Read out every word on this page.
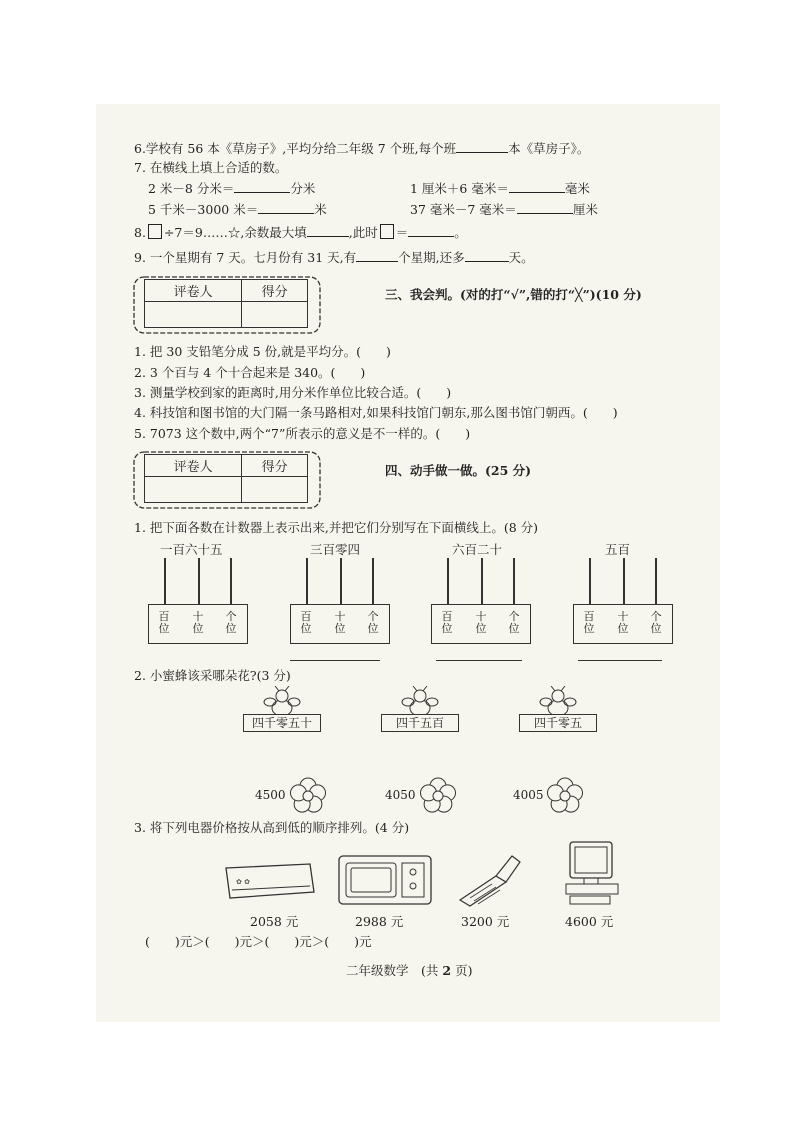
6.学校有 56 本《草房子》,平均分给二年级 7 个班,每个班	本《草房子》。
7. 在横线上填上合适的数。
2 米－8 分米＝	分米	1 厘米＋6 毫米＝	毫米
5 千米－3000 米＝	米	37 毫米－7 毫米＝	厘米
8. ÷7＝9……☆,余数最大填	,此时 ＝	。
9. 一个星期有 7 天。七月份有 31 天,有	个星期,还多	天。
评卷人	得分
		三、我会判。(对的打“√”,错的打“╳”)(10 分)
1. 把 30 支铅笔分成 5 份,就是平均分。(　　)
2. 3 个百与 4 个十合起来是 340。(　　)
3. 测量学校到家的距离时,用分米作单位比较合适。(　　)
4. 科技馆和图书馆的大门隔一条马路相对,如果科技馆门朝东,那么图书馆门朝西。(　　)
5. 7073 这个数中,两个“7”所表示的意义是不一样的。(　　)
评卷人	得分
		四、动手做一做。(25 分)
1. 把下面各数在计数器上表示出来,并把它们分别写在下面横线上。(8 分)
一百六十五	三百零四	六百二十	五百
百
位
十
位
个
位
百
位
十
位
个
位
百
位
十
位
个
位
百
位
十
位
个
位
2. 小蜜蜂该采哪朵花?(3 分)
四千零五十	四千五百	四千零五
4500	4050	4005
3. 将下列电器价格按从高到低的顺序排列。(4 分)
✿ ✿
2058 元	2988 元	3200 元	4600 元
(　　)元＞(　　)元＞(　　)元＞(　　)元
二年级数学　 (共 2 页)
